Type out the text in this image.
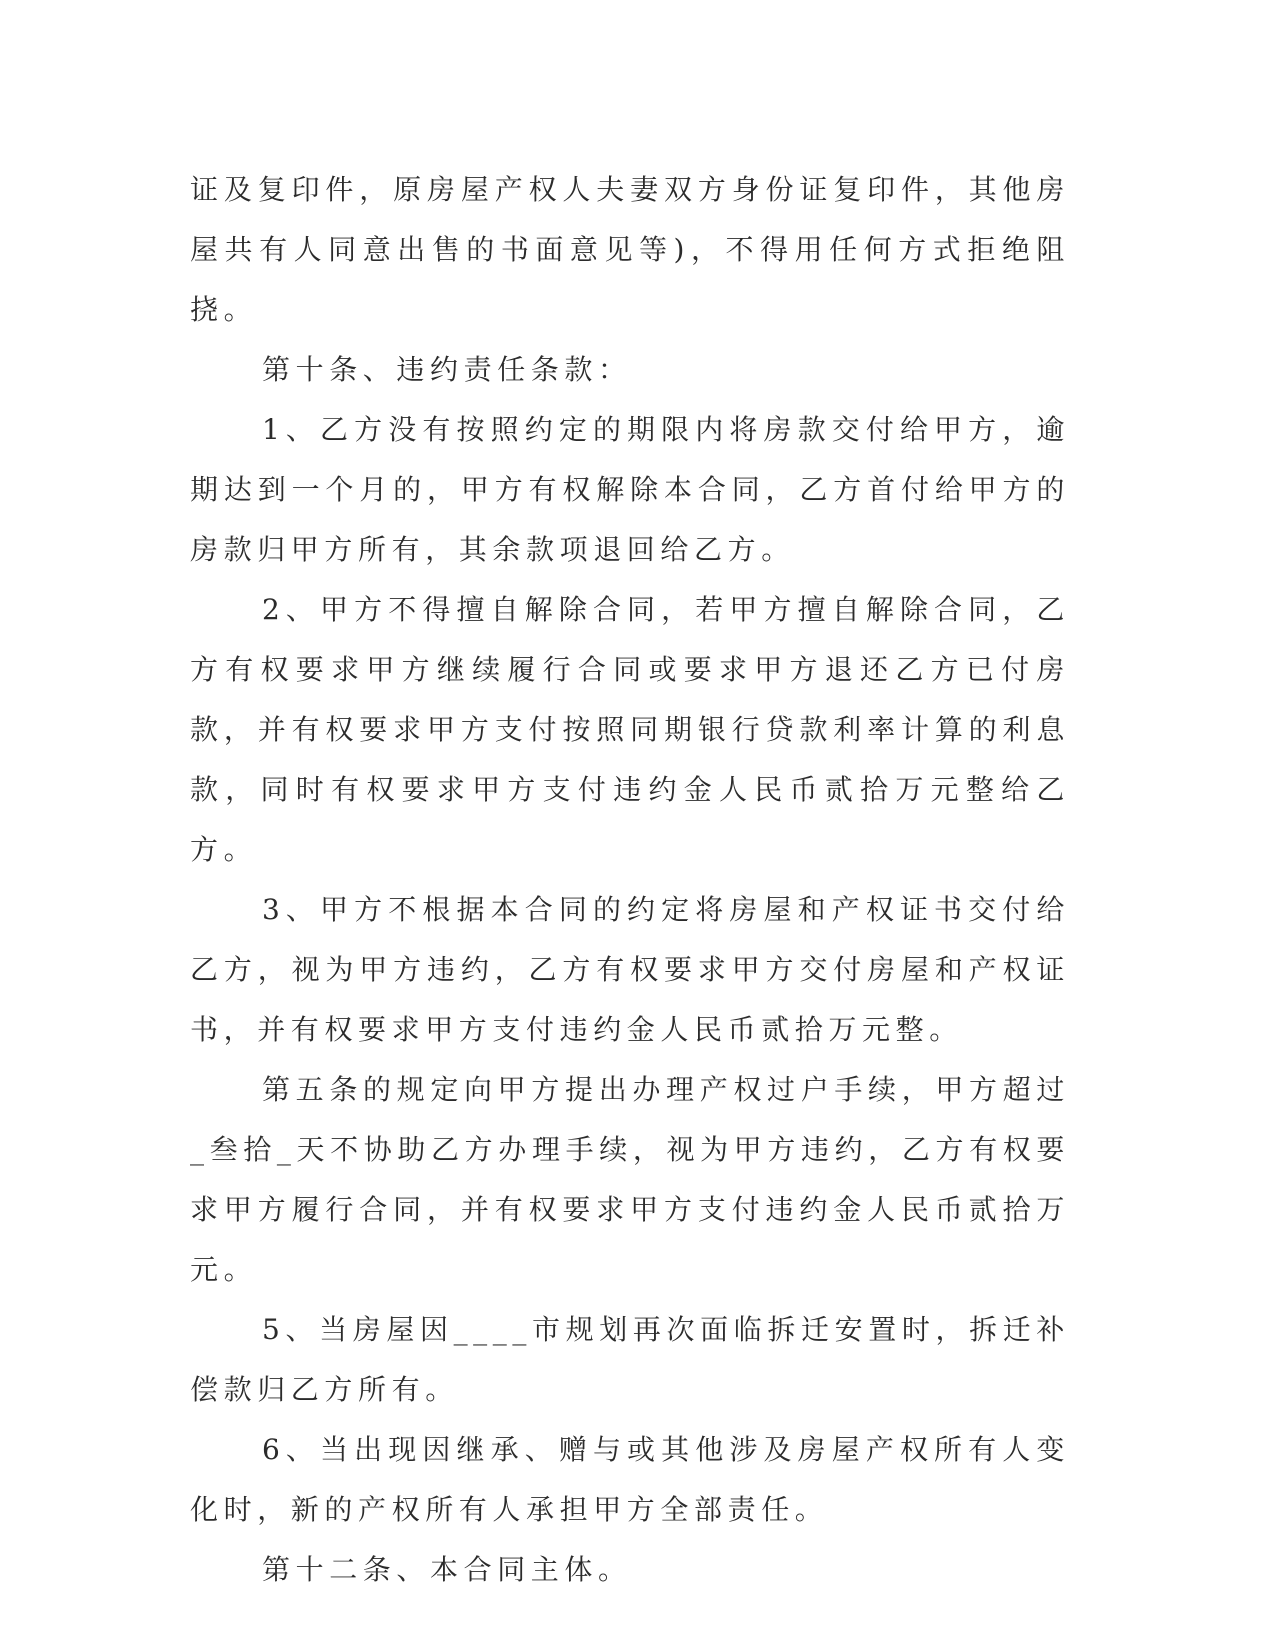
证及复印件，原房屋产权人夫妻双方身份证复印件，其他房屋共有人同意出售的书面意见等)，不得用任何方式拒绝阻挠。

第十条、违约责任条款：

1、乙方没有按照约定的期限内将房款交付给甲方，逾期达到一个月的，甲方有权解除本合同，乙方首付给甲方的房款归甲方所有，其余款项退回给乙方。

2、甲方不得擅自解除合同，若甲方擅自解除合同，乙方有权要求甲方继续履行合同或要求甲方退还乙方已付房款，并有权要求甲方支付按照同期银行贷款利率计算的利息款，同时有权要求甲方支付违约金人民币贰拾万元整给乙方。

3、甲方不根据本合同的约定将房屋和产权证书交付给乙方，视为甲方违约，乙方有权要求甲方交付房屋和产权证书，并有权要求甲方支付违约金人民币贰拾万元整。

第五条的规定向甲方提出办理产权过户手续，甲方超过_叁拾_天不协助乙方办理手续，视为甲方违约，乙方有权要求甲方履行合同，并有权要求甲方支付违约金人民币贰拾万元。

5、当房屋因____市规划再次面临拆迁安置时，拆迁补偿款归乙方所有。

6、当出现因继承、赠与或其他涉及房屋产权所有人变化时，新的产权所有人承担甲方全部责任。

第十二条、本合同主体。
